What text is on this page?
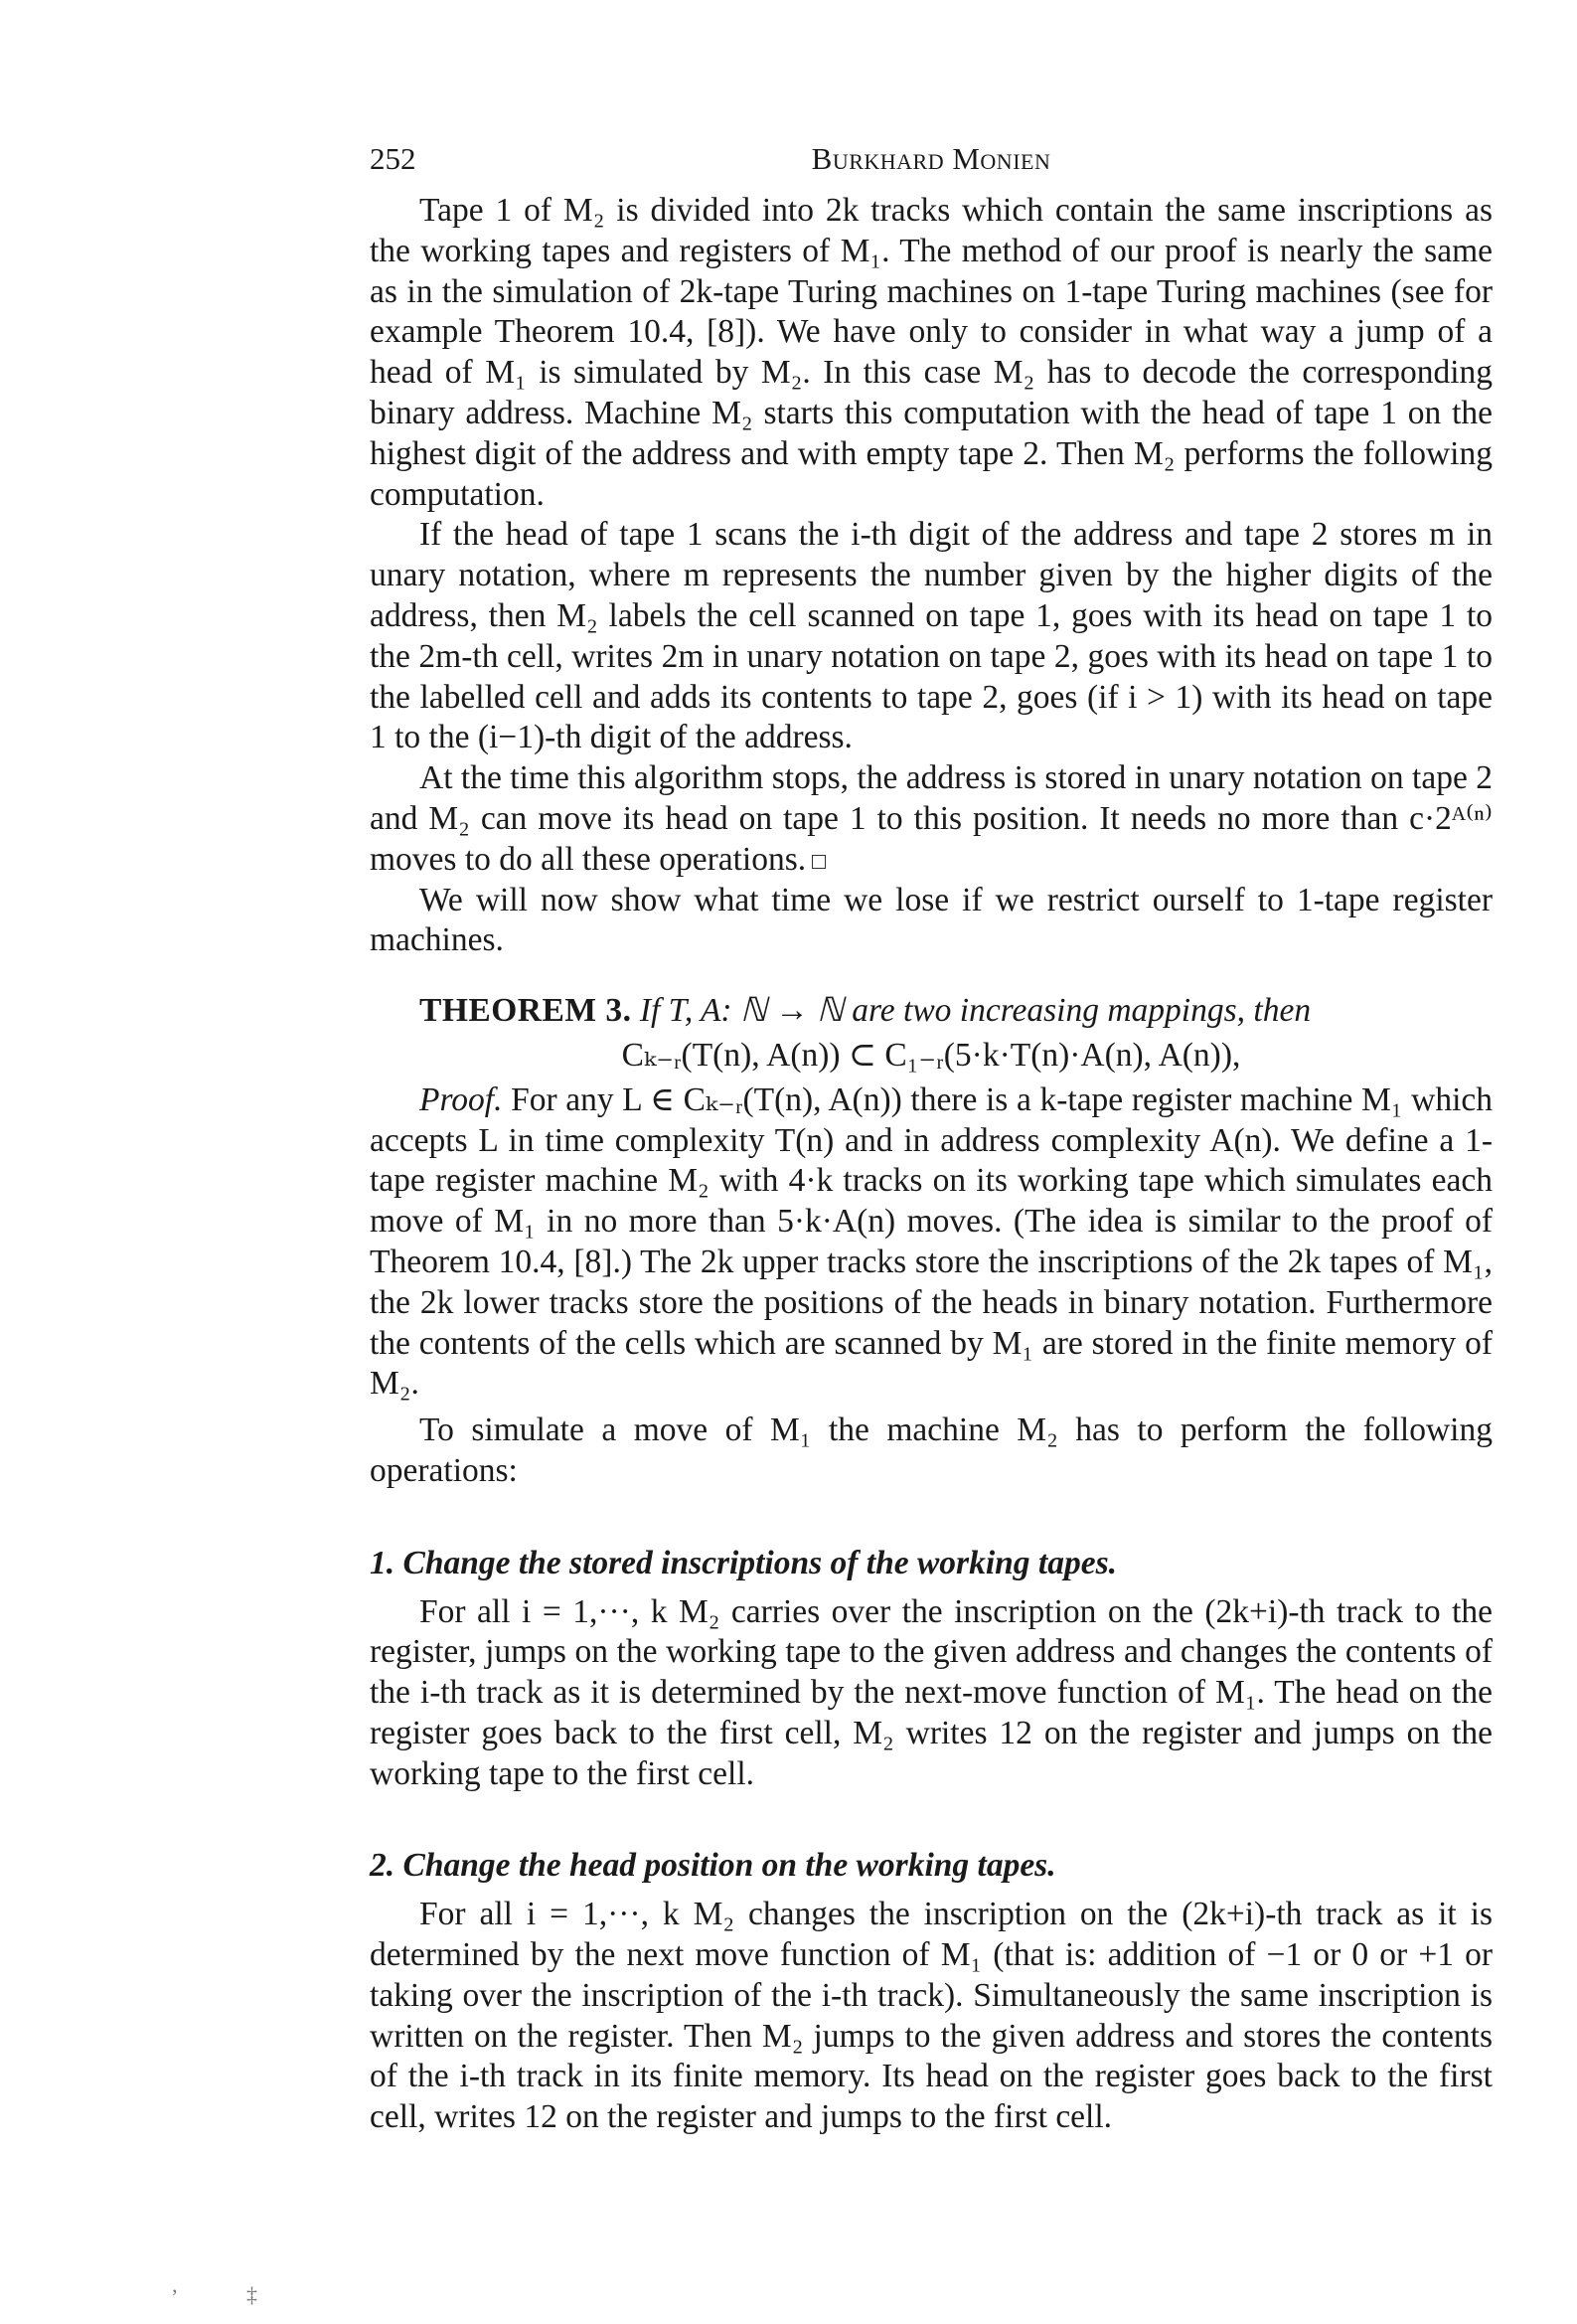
252	Burkhard Monien

Tape 1 of M₂ is divided into 2k tracks which contain the same inscriptions as the working tapes and registers of M₁. The method of our proof is nearly the same as in the simulation of 2k-tape Turing machines on 1-tape Turing machines (see for example Theorem 10.4, [8]). We have only to consider in what way a jump of a head of M₁ is simulated by M₂. In this case M₂ has to decode the corresponding binary address. Machine M₂ starts this computation with the head of tape 1 on the highest digit of the address and with empty tape 2. Then M₂ performs the following computation.

If the head of tape 1 scans the i-th digit of the address and tape 2 stores m in unary notation, where m represents the number given by the higher digits of the address, then M₂ labels the cell scanned on tape 1, goes with its head on tape 1 to the 2m-th cell, writes 2m in unary notation on tape 2, goes with its head on tape 1 to the labelled cell and adds its contents to tape 2, goes (if i > 1) with its head on tape 1 to the (i−1)-th digit of the address.

At the time this algorithm stops, the address is stored in unary notation on tape 2 and M₂ can move its head on tape 1 to this position. It needs no more than c·2ᴬ⁽ⁿ⁾ moves to do all these operations.

We will now show what time we lose if we restrict ourself to 1-tape register machines.

THEOREM 3. If T, A: ℕ → ℕ are two increasing mappings, then

Cₖ₋ᵣ(T(n), A(n)) ⊂ C₁₋ᵣ(5·k·T(n)·A(n), A(n)),

Proof. For any L ∈ Cₖ₋ᵣ(T(n), A(n)) there is a k-tape register machine M₁ which accepts L in time complexity T(n) and in address complexity A(n). We define a 1-tape register machine M₂ with 4·k tracks on its working tape which simulates each move of M₁ in no more than 5·k·A(n) moves. (The idea is similar to the proof of Theorem 10.4, [8].) The 2k upper tracks store the inscriptions of the 2k tapes of M₁, the 2k lower tracks store the positions of the heads in binary notation. Furthermore the contents of the cells which are scanned by M₁ are stored in the finite memory of M₂.

To simulate a move of M₁ the machine M₂ has to perform the following operations:

1. Change the stored inscriptions of the working tapes.

For all i = 1,···, k M₂ carries over the inscription on the (2k+i)-th track to the register, jumps on the working tape to the given address and changes the contents of the i-th track as it is determined by the next-move function of M₁. The head on the register goes back to the first cell, M₂ writes 12 on the register and jumps on the working tape to the first cell.

2. Change the head position on the working tapes.

For all i = 1,···, k M₂ changes the inscription on the (2k+i)-th track as it is determined by the next move function of M₁ (that is: addition of −1 or 0 or +1 or taking over the inscription of the i-th track). Simultaneously the same inscription is written on the register. Then M₂ jumps to the given address and stores the contents of the i-th track in its finite memory. Its head on the register goes back to the first cell, writes 12 on the register and jumps to the first cell.

’	‡
